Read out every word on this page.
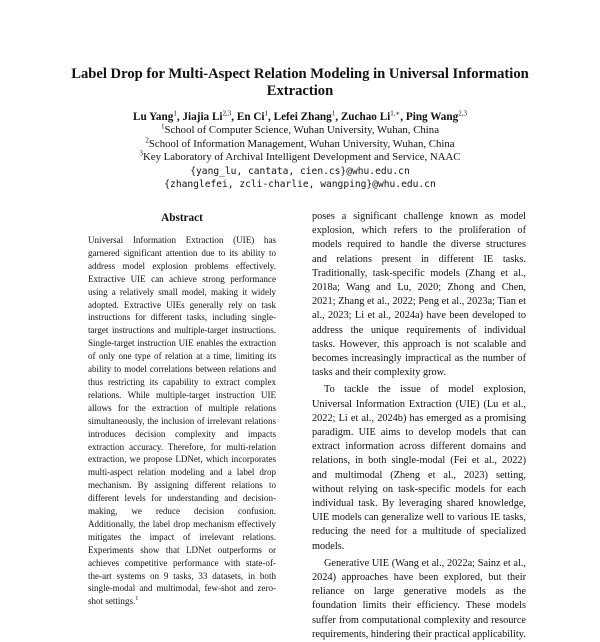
Label Drop for Multi-Aspect Relation Modeling in Universal Information Extraction
Lu Yang$^1$, Jiajia Li$^{2,3}$, En Ci$^1$, Lefei Zhang$^1$, Zuchao $Li^{1,∗}$, Ping Wang$^{2,3}$
$^1$School of Computer Science, Wuhan University, Wuhan, China
$^2$School of Information Management, Wuhan University, Wuhan, China
$^3$Key Laboratory of Archival Intelligent Development and Service, NAAC
{yang_lu, cantata, cien.cs}@whu.edu.cn
{zhanglefei, zcli-charlie, wangping}@whu.edu.cn
Abstract
Universal Information Extraction (UIE) has garnered significant attention due to its ability to address model explosion problems effectively. Extractive UIE can achieve strong performance using a relatively small model, making it widely adopted. Extractive UIEs generally rely on task instructions for different tasks, including single-target instructions and multiple-target instructions. Single-target instruction UIE enables the extraction of only one type of relation at a time, limiting its ability to model correlations between relations and thus restricting its capability to extract complex relations. While multiple-target instruction UIE allows for the extraction of multiple relations simultaneously, the inclusion of irrelevant relations introduces decision complexity and impacts extraction accuracy. Therefore, for multi-relation extraction, we propose LDNet, which incorporates multi-aspect relation modeling and a label drop mechanism. By assigning different relations to different levels for understanding and decision-making, we reduce decision confusion. Additionally, the label drop mechanism effectively mitigates the impact of irrelevant relations. Experiments show that LDNet outperforms or achieves competitive performance with state-of-the-art systems on 9 tasks, 33 datasets, in both single-modal and multimodal, few-shot and zero-shot settings.$^1$

poses a significant challenge known as model explosion, which refers to the proliferation of models required to handle the diverse structures and relations present in different IE tasks. Traditionally, task-specific models (Zhang et al., 2018a; Wang and Lu, 2020; Zhong and Chen, 2021; Zhang et al., 2022; Peng et al., 2023a; Tian et al., 2023; Li et al., 2024a) have been developed to address the unique requirements of individual tasks. However, this approach is not scalable and becomes increasingly impractical as the number of tasks and their complexity grow.

To tackle the issue of model explosion, Universal Information Extraction (UIE) (Lu et al., 2022; Li et al., 2024b) has emerged as a promising paradigm. UIE aims to develop models that can extract information across different domains and relations, in both single-modal (Fei et al., 2022) and multimodal (Zheng et al., 2023) setting, without relying on task-specific models for each individual task. By leveraging shared knowledge, UIE models can generalize well to various IE tasks, reducing the need for a multitude of specialized models.

Generative UIE (Wang et al., 2022a; Sainz et al., 2024) approaches have been explored, but their reliance on large generative models as the foundation limits their efficiency. These models suffer from computational complexity and resource requirements, hindering their practical applicability.
